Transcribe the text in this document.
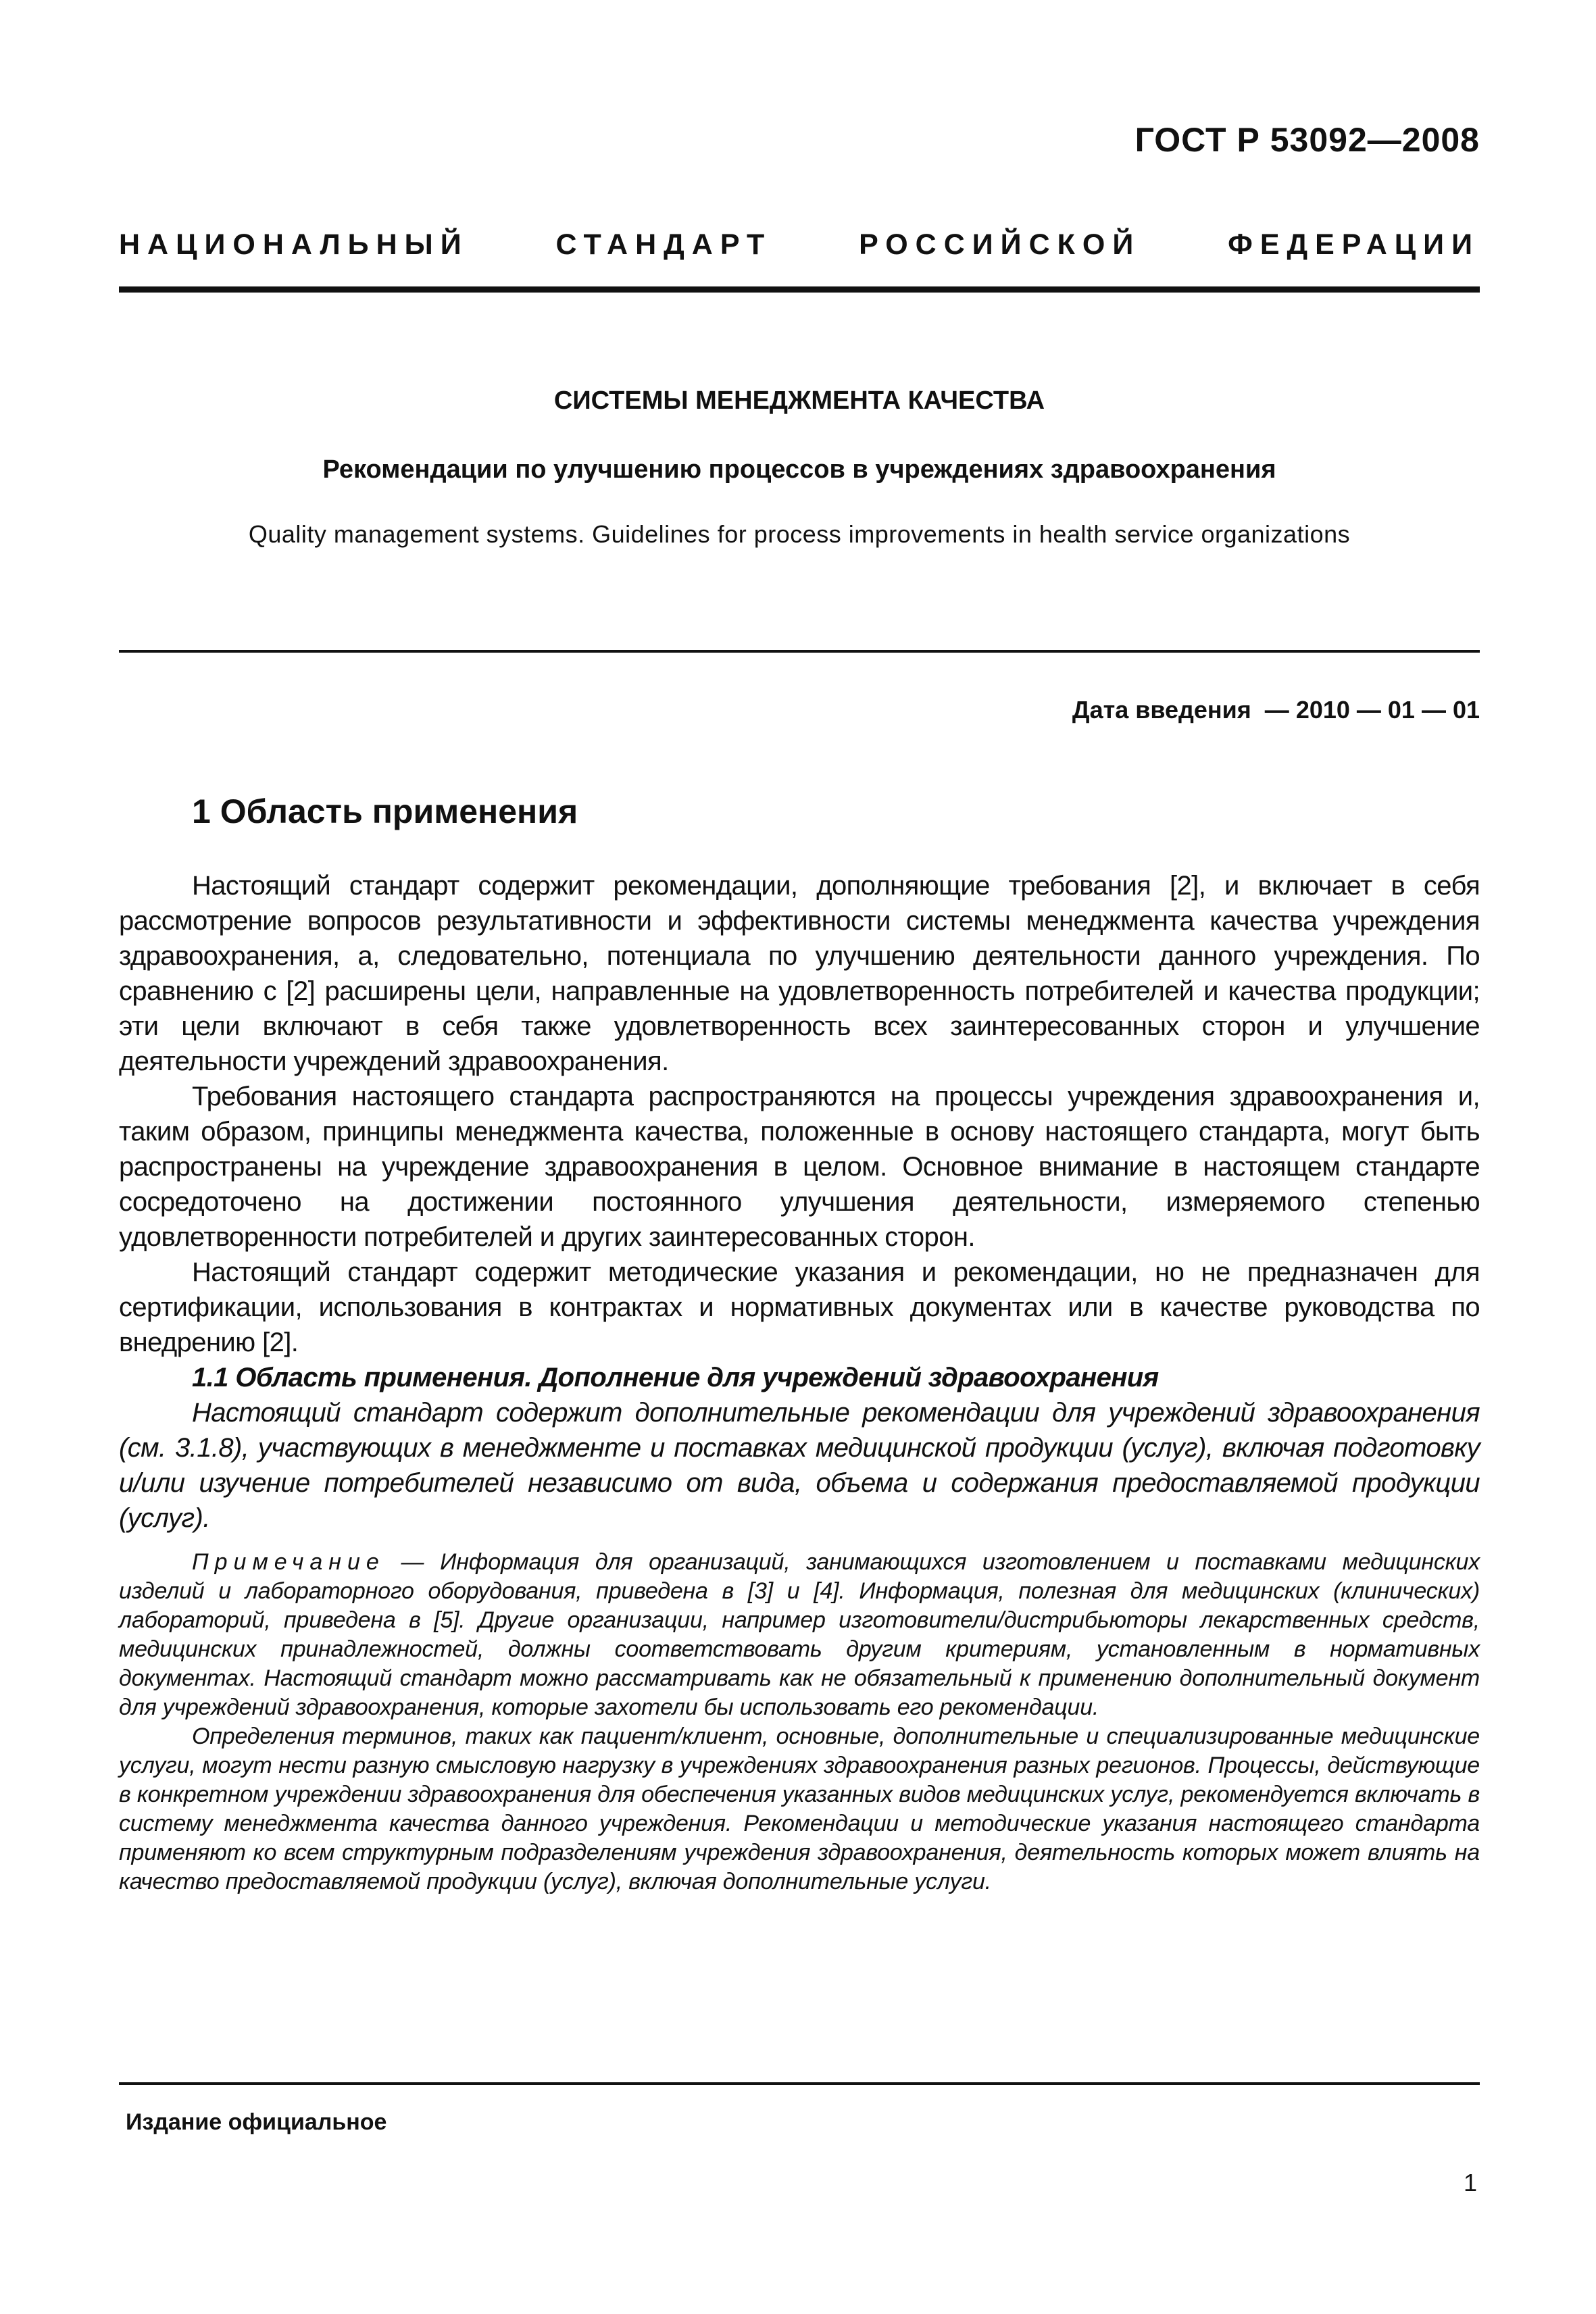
ГОСТ Р 53092—2008

НАЦИОНАЛЬНЫЙ СТАНДАРТ РОССИЙСКОЙ ФЕДЕРАЦИИ

СИСТЕМЫ МЕНЕДЖМЕНТА КАЧЕСТВА
Рекомендации по улучшению процессов в учреждениях здравоохранения

Quality management systems. Guidelines for process improvements in health service organizations

Дата введения  — 2010 — 01 — 01

1 Область применения

Настоящий стандарт содержит рекомендации, дополняющие требования [2], и включает в себя рассмотрение вопросов результативности и эффективности системы менеджмента качества учреждения здравоохранения, а, следовательно, потенциала по улучшению деятельности данного учреждения. По сравнению с [2] расширены цели, направленные на удовлетворенность потребителей и качества продукции; эти цели включают в себя также удовлетворенность всех заинтересованных сторон и улучшение деятельности учреждений здравоохранения.

Требования настоящего стандарта распространяются на процессы учреждения здравоохранения и, таким образом, принципы менеджмента качества, положенные в основу настоящего стандарта, могут быть распространены на учреждение здравоохранения в целом. Основное внимание в настоящем стандарте сосредоточено на достижении постоянного улучшения деятельности, измеряемого степенью удовлетворенности потребителей и других заинтересованных сторон.

Настоящий стандарт содержит методические указания и рекомендации, но не предназначен для сертификации, использования в контрактах и нормативных документах или в качестве руководства по внедрению [2].

1.1 Область применения. Дополнение для учреждений здравоохранения

Настоящий стандарт содержит дополнительные рекомендации для учреждений здравоохранения (см. 3.1.8), участвующих в менеджменте и поставках медицинской продукции (услуг), включая подготовку и/или изучение потребителей независимо от вида, объема и содержания предоставляемой продукции (услуг).

Примечание — Информация для организаций, занимающихся изготовлением и поставками медицинских изделий и лабораторного оборудования, приведена в [3] и [4]. Информация, полезная для медицинских (клинических) лабораторий, приведена в [5]. Другие организации, например изготовители/дистрибьюторы лекарственных средств, медицинских принадлежностей, должны соответствовать другим критериям, установленным в нормативных документах. Настоящий стандарт можно рассматривать как не обязательный к применению дополнительный документ для учреждений здравоохранения, которые захотели бы использовать его рекомендации.

Определения терминов, таких как пациент/клиент, основные, дополнительные и специализированные медицинские услуги, могут нести разную смысловую нагрузку в учреждениях здравоохранения разных регионов. Процессы, действующие в конкретном учреждении здравоохранения для обеспечения указанных видов медицинских услуг, рекомендуется включать в систему менеджмента качества данного учреждения. Рекомендации и методические указания настоящего стандарта применяют ко всем структурным подразделениям учреждения здравоохранения, деятельность которых может влиять на качество предоставляемой продукции (услуг), включая дополнительные услуги.

Издание официальное

1
